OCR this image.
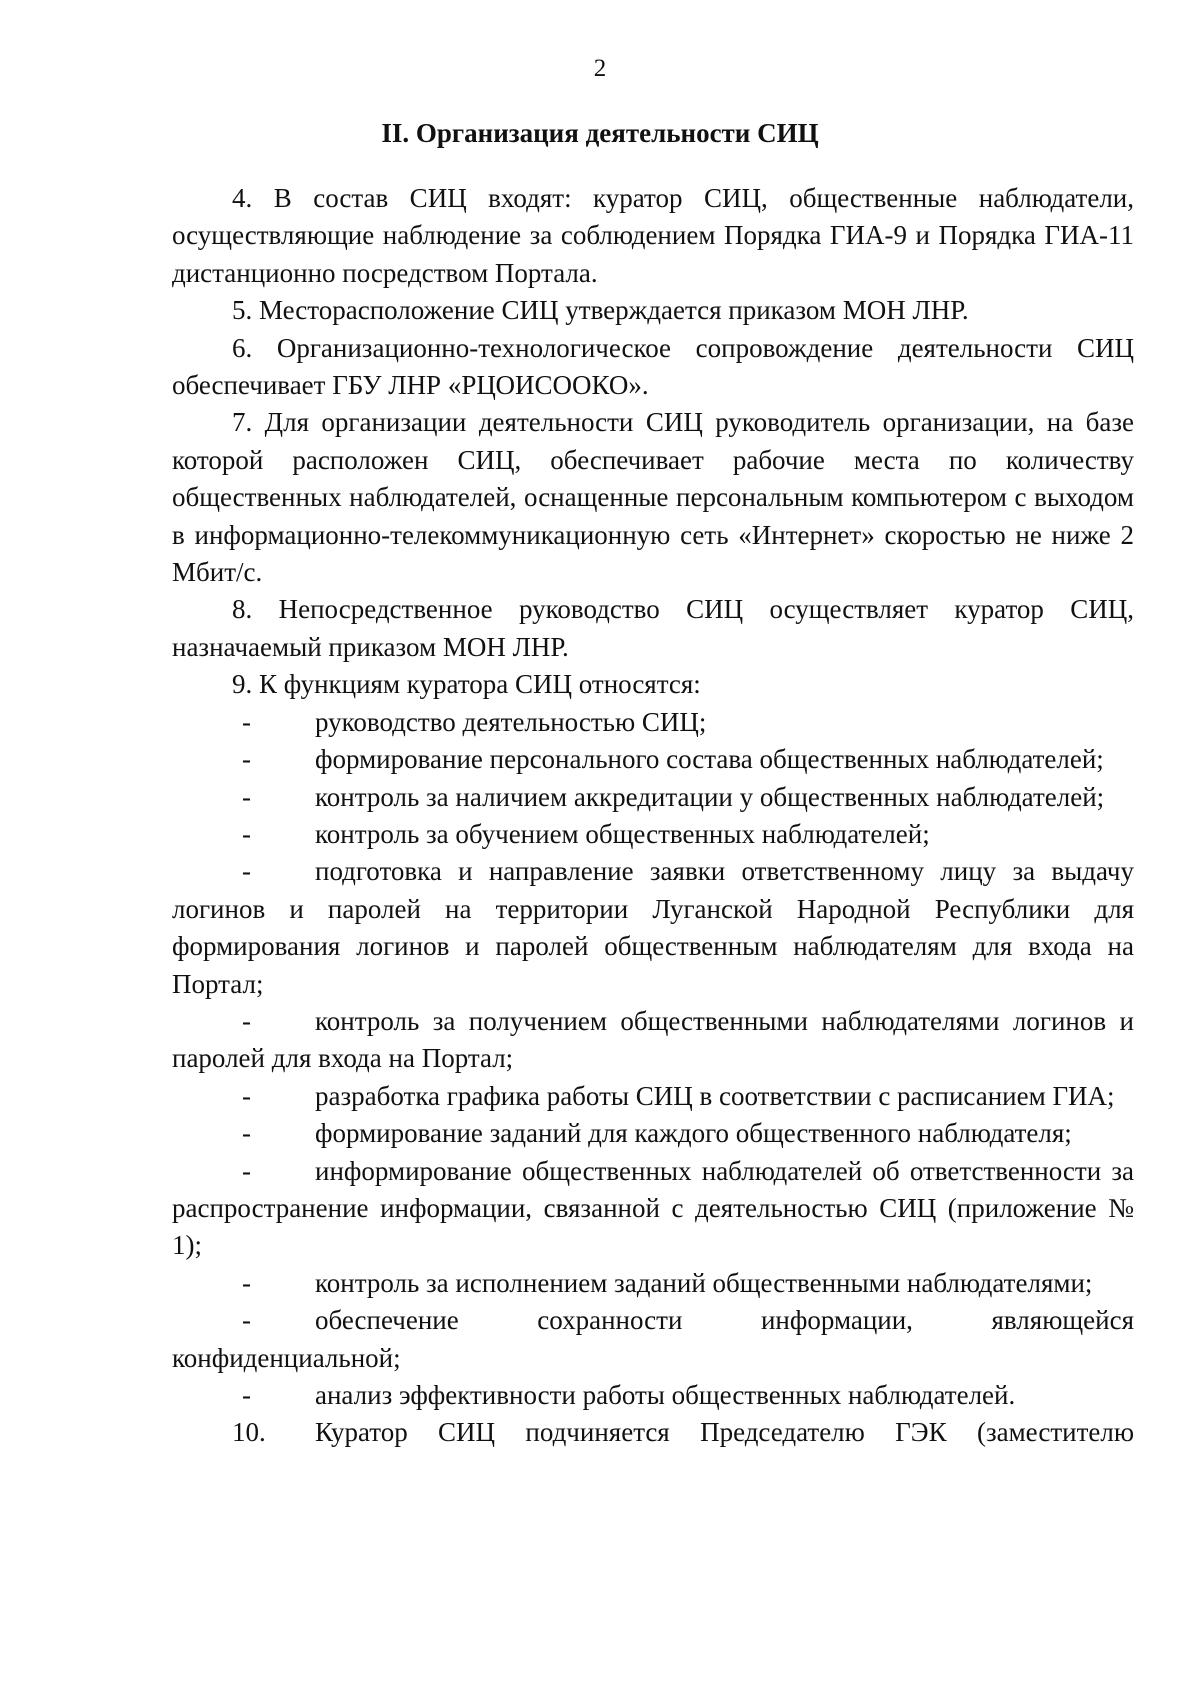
2
II. Организация деятельности СИЦ

4. В состав СИЦ входят: куратор СИЦ, общественные наблюдатели, осуществляющие наблюдение за соблюдением Порядка ГИА-9 и Порядка ГИА-11 дистанционно посредством Портала.

5. Месторасположение СИЦ утверждается приказом МОН ЛНР.

6. Организационно-технологическое сопровождение деятельности СИЦ обеспечивает ГБУ ЛНР «РЦОИСООКО».

7. Для организации деятельности СИЦ руководитель организации, на базе которой расположен СИЦ, обеспечивает рабочие места по количеству общественных наблюдателей, оснащенные персональным компьютером с выходом в информационно-телекоммуникационную сеть «Интернет» скоростью не ниже 2 Мбит/с.

8. Непосредственное руководство СИЦ осуществляет куратор СИЦ, назначаемый приказом МОН ЛНР.

9. К функциям куратора СИЦ относятся:

- руководство деятельностью СИЦ;

- формирование персонального состава общественных наблюдателей;

- контроль за наличием аккредитации у общественных наблюдателей;

- контроль за обучением общественных наблюдателей;

- подготовка и направление заявки ответственному лицу за выдачу логинов и паролей на территории Луганской Народной Республики для формирования логинов и паролей общественным наблюдателям для входа на Портал;

- контроль за получением общественными наблюдателями логинов и паролей для входа на Портал;

- разработка графика работы СИЦ в соответствии с расписанием ГИА;

- формирование заданий для каждого общественного наблюдателя;

- информирование общественных наблюдателей об ответственности за распространение информации, связанной с деятельностью СИЦ (приложение № 1);

- контроль за исполнением заданий общественными наблюдателями;

- обеспечение сохранности информации, являющейся конфиденциальной;

- анализ эффективности работы общественных наблюдателей.

10. Куратор СИЦ подчиняется Председателю ГЭК (заместителю
